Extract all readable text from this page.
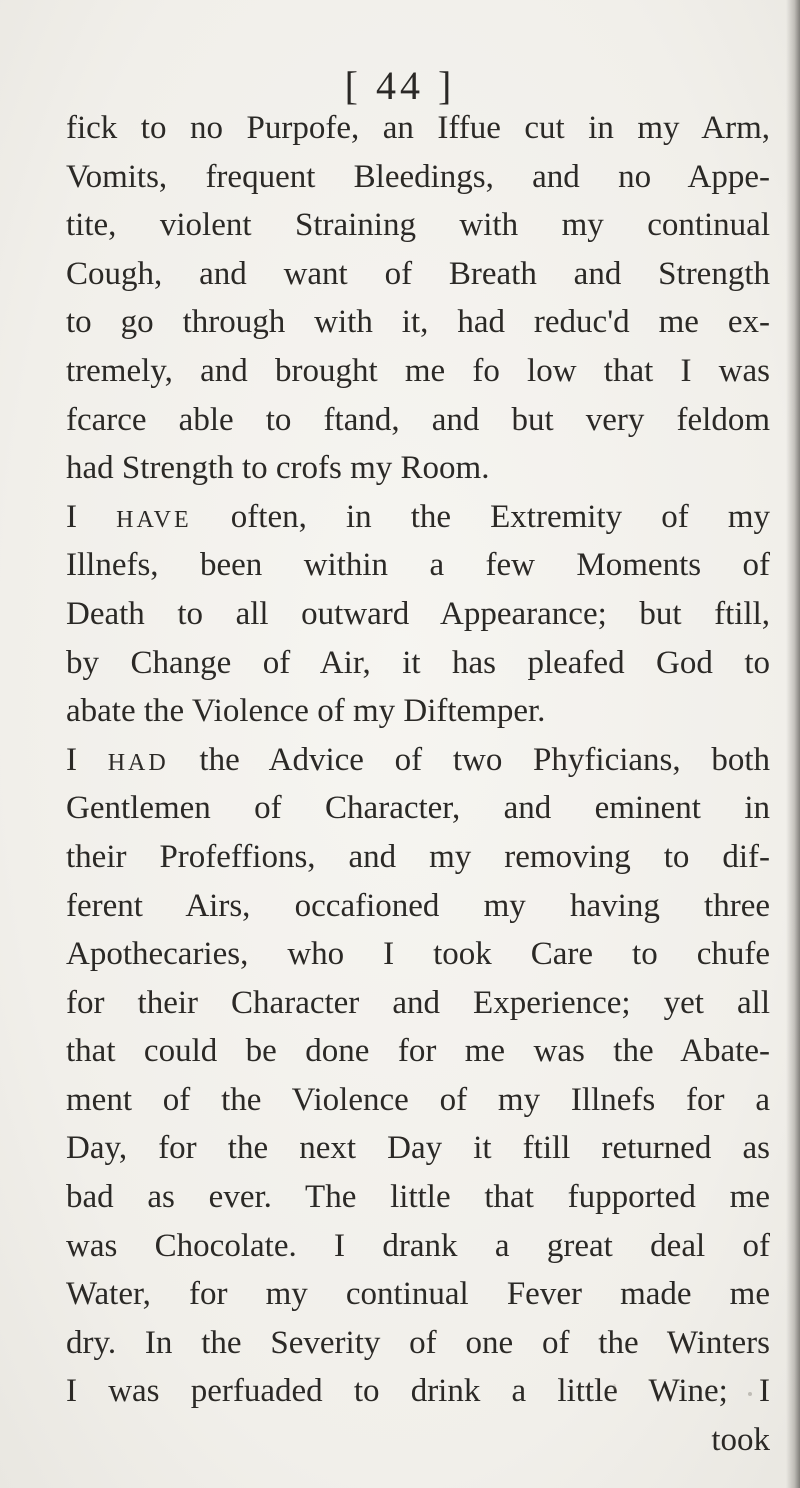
[ 44 ]
fick to no Purpofe, an Iffue cut in my Arm,
Vomits, frequent Bleedings, and no Appe-
tite, violent Straining with my continual
Cough, and want of Breath and Strength
to go through with it, had reduc'd me ex-
tremely, and brought me fo low that I was
fcarce able to ftand, and but very feldom
had Strength to crofs my Room.
I HAVE often, in the Extremity of my
Illnefs, been within a few Moments of
Death to all outward Appearance; but ftill,
by Change of Air, it has pleafed God to
abate the Violence of my Diftemper.
I HAD the Advice of two Phyficians, both
Gentlemen of Character, and eminent in
their Profeffions, and my removing to dif-
ferent Airs, occafioned my having three
Apothecaries, who I took Care to chufe
for their Character and Experience; yet all
that could be done for me was the Abate-
ment of the Violence of my Illnefs for a
Day, for the next Day it ftill returned as
bad as ever. The little that fupported me
was Chocolate. I drank a great deal of
Water, for my continual Fever made me
dry. In the Severity of one of the Winters
I was perfuaded to drink a little Wine; I
took
